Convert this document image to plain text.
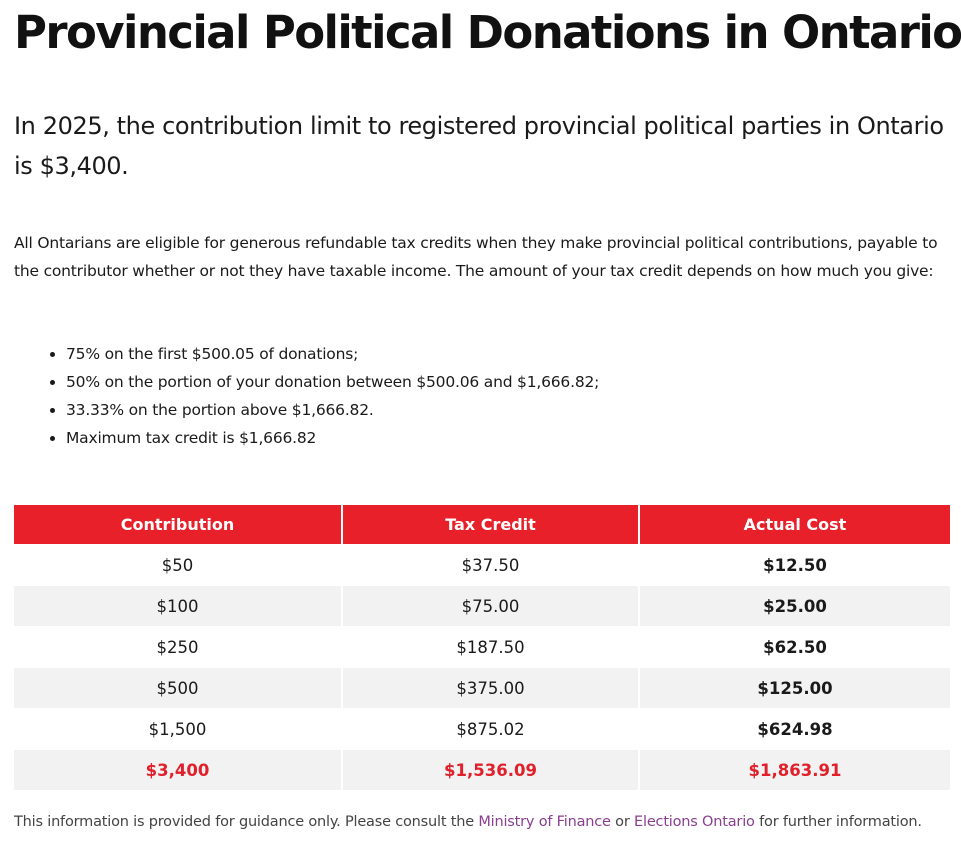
Provincial Political Donations in Ontario

In 2025, the contribution limit to registered provincial political parties in Ontario is $3,400.

All Ontarians are eligible for generous refundable tax credits when they make provincial political contributions, payable to the contributor whether or not they have taxable income. The amount of your tax credit depends on how much you give:

• 75% on the first $500.05 of donations;
• 50% on the portion of your donation between $500.06 and $1,666.82;
• 33.33% on the portion above $1,666.82.
• Maximum tax credit is $1,666.82
Contribution	Tax Credit	Actual Cost
$50	$37.50	$12.50
$100	$75.00	$25.00
$250	$187.50	$62.50
$500	$375.00	$125.00
$1,500	$875.02	$624.98
$3,400	$1,536.09	$1,863.91

This information is provided for guidance only. Please consult the Ministry of Finance or Elections Ontario for further information.
